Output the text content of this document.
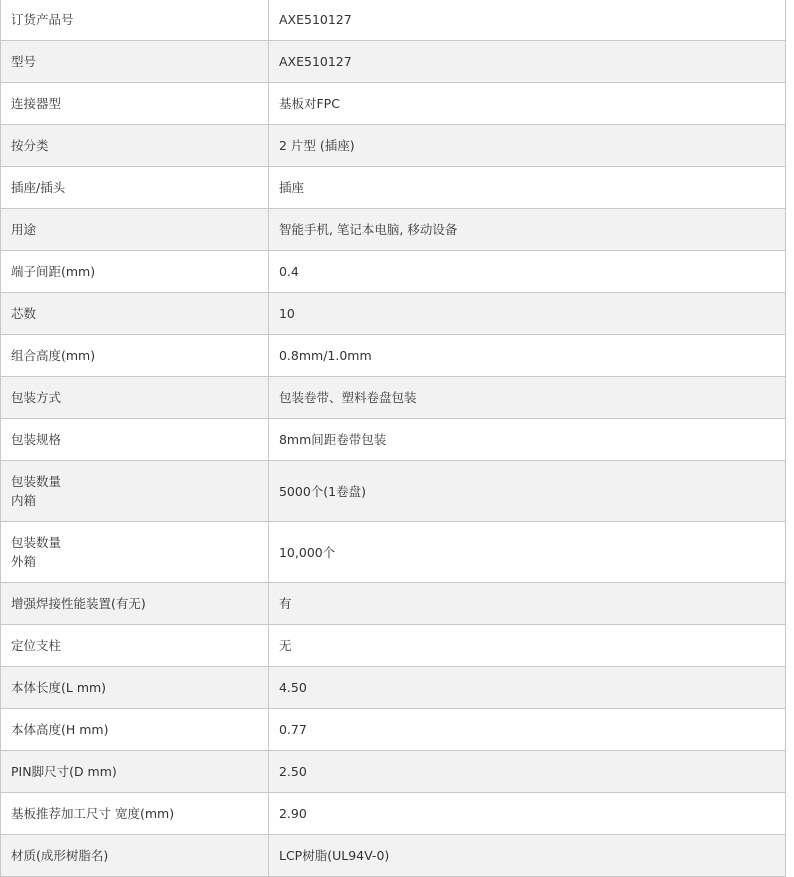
订货产品号	AXE510127

型号	AXE510127

连接器型	基板对FPC

按分类	2 片型 (插座)

插座/插头	插座

用途	智能手机, 笔记本电脑, 移动设备

端子间距(mm)	0.4

芯数	10

组合高度(mm)	0.8mm/1.0mm

包装方式	包装卷带、塑料卷盘包装

包装规格	8mm间距卷带包装

包装数量
内箱	5000个(1卷盘)

包装数量
外箱	10,000个

增强焊接性能装置(有无)	有

定位支柱	无

本体长度(L mm)	4.50

本体高度(H mm)	0.77

PIN脚尺寸(D mm)	2.50

基板推荐加工尺寸 宽度(mm)	2.90

材质(成形树脂名)	LCP树脂(UL94V-0)
